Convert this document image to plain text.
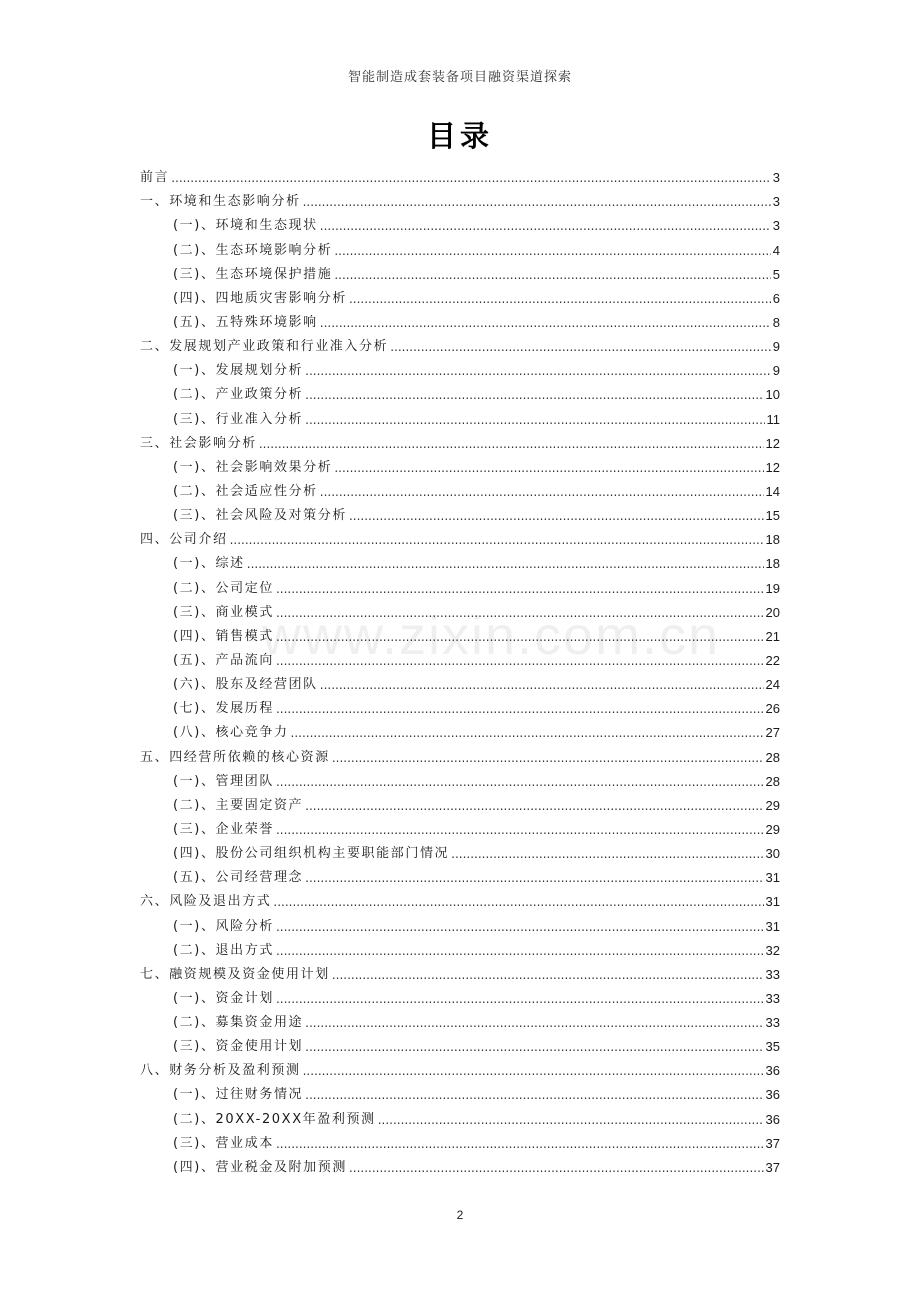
智能制造成套装备项目融资渠道探索
目录
www.zixin.com.cn
前言 .....	3
一、环境和生态影响分析 .....	3
(一)、环境和生态现状 .....	3
(二)、生态环境影响分析 .....	4
(三)、生态环境保护措施 .....	5
(四)、四地质灾害影响分析 .....	6
(五)、五特殊环境影响 .....	8
二、发展规划产业政策和行业准入分析 .....	9
(一)、发展规划分析 .....	9
(二)、产业政策分析 .....	10
(三)、行业准入分析 .....	11
三、社会影响分析 .....	12
(一)、社会影响效果分析 .....	12
(二)、社会适应性分析 .....	14
(三)、社会风险及对策分析 .....	15
四、公司介绍 .....	18
(一)、综述 .....	18
(二)、公司定位 .....	19
(三)、商业模式 .....	20
(四)、销售模式 .....	21
(五)、产品流向 .....	22
(六)、股东及经营团队 .....	24
(七)、发展历程 .....	26
(八)、核心竞争力 .....	27
五、四经营所依赖的核心资源 .....	28
(一)、管理团队 .....	28
(二)、主要固定资产 .....	29
(三)、企业荣誉 .....	29
(四)、股份公司组织机构主要职能部门情况 .....	30
(五)、公司经营理念 .....	31
六、风险及退出方式 .....	31
(一)、风险分析 .....	31
(二)、退出方式 .....	32
七、融资规模及资金使用计划 .....	33
(一)、资金计划 .....	33
(二)、募集资金用途 .....	33
(三)、资金使用计划 .....	35
八、财务分析及盈利预测 .....	36
(一)、过往财务情况 .....	36
(二)、20XX-20XX年盈利预测 .....	36
(三)、营业成本 .....	37
(四)、营业税金及附加预测 .....	37
2
